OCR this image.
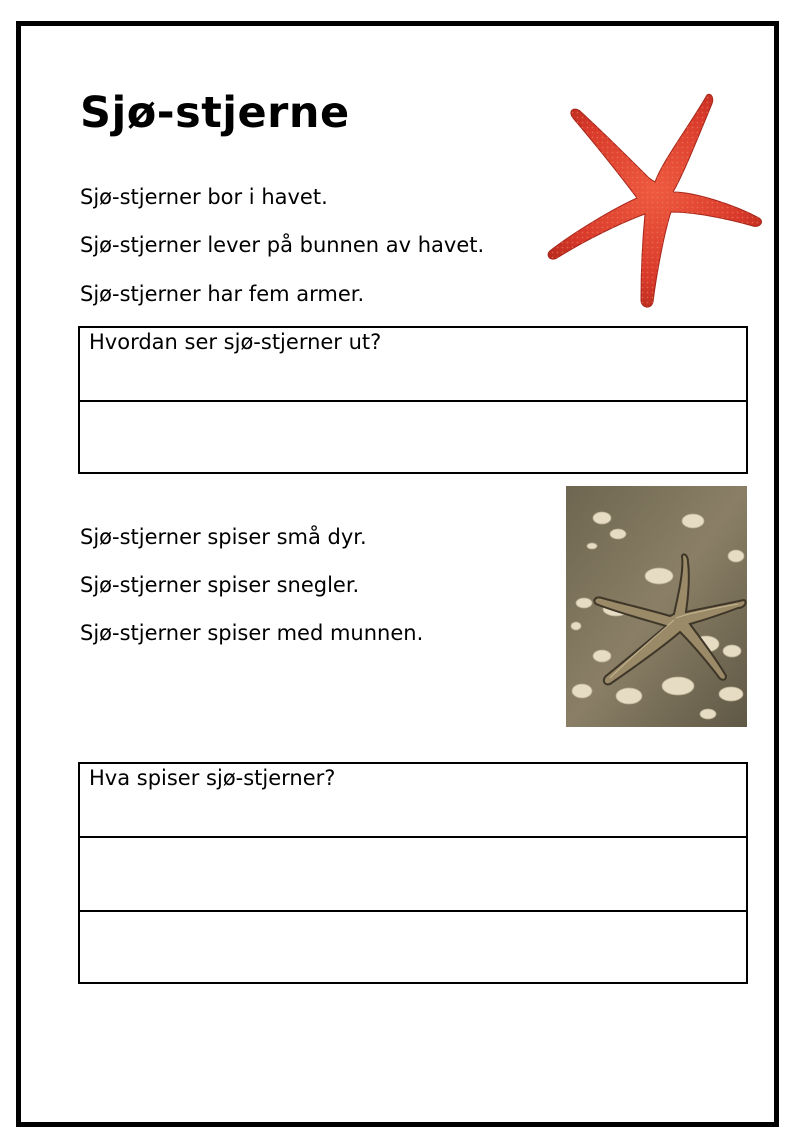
Sjø-stjerne
Sjø-stjerner bor i havet.
Sjø-stjerner lever på bunnen av havet.
Sjø-stjerner har fem armer.
Hvordan ser sjø-stjerner ut?
Sjø-stjerner spiser små dyr.
Sjø-stjerner spiser snegler.
Sjø-stjerner spiser med munnen.
Hva spiser sjø-stjerner?
